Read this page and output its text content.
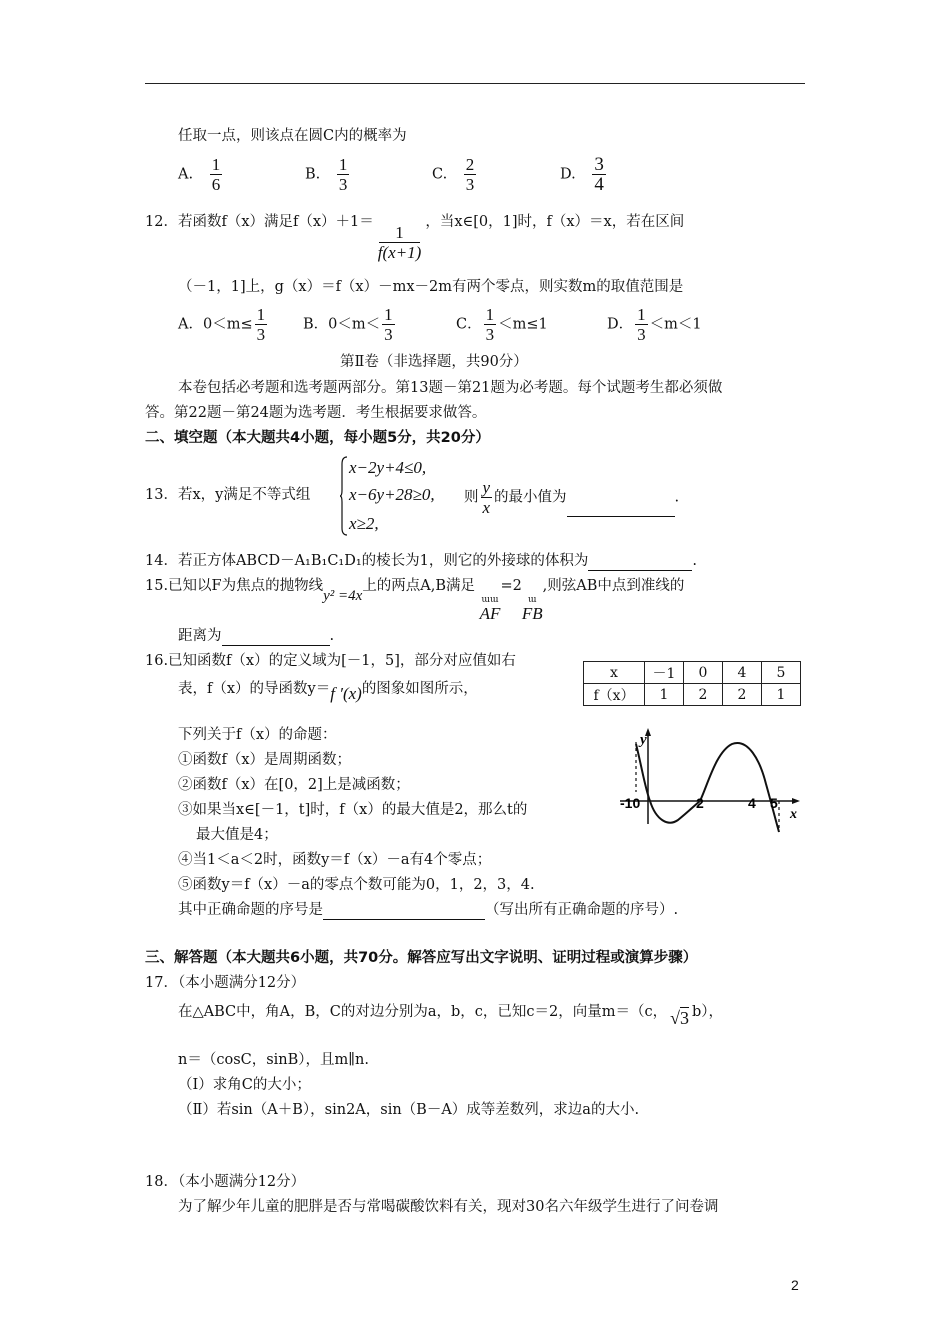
任取一点，则该点在圆C内的概率为
A. $\frac{1}{6}$	B. $\frac{1}{3}$	C. $\frac{2}{3}$	D. $\frac{3}{4}$
12．若函数f（x）满足f（x）＋1＝
$\frac{1}{f(x+1)}$
，当x∈[0，1]时，f（x）＝x，若在区间
（－1，1]上，g（x）＝f（x）－mx－2m有两个零点，则实数m的取值范围是
A．$0<m\le \frac{1}{3}$ B．$0<m< \frac{1}{3}$	C． $\frac{1}{3} <m\le 1$	D． $\frac{1}{3} <m<1$
第Ⅱ卷（非选择题，共90分）
本卷包括必考题和选考题两部分。第13题－第21题为必考题。每个试题考生都必须做
答。第22题－第24题为选考题．考生根据要求做答。
二、填空题（本大题共4小题，每小题5分，共20分）
13．若x，y满足不等式组
x−2y+4≤0,
x−6y+28≥0,
x≥2,
则 $\frac{y}{x}$ 的最小值为	.
14．若正方体ABCD－A₁B₁C₁D₁的棱长为1，则它的外接球的体积为	.
15.已知以F为焦点的抛物线y² =4x上的两点A,B满足
ɯɯ
AF
=2
ɯ
FB
,则弦AB中点到准线的
距离为	.
16.已知函数f（x）的定义域为[－1，5]，部分对应值如右
表，f（x）的导函数y＝f ′(x)的图象如图所示，
x	－1	0	4	5
f（x）	1	2	2	1
下列关于f（x）的命题：
①函数f（x）是周期函数；
②函数f（x）在[0，2]上是减函数；
③如果当x∈[－1，t]时，f（x）的最大值是2，那么t的
最大值是4；
④当1＜a＜2时，函数y＝f（x）－a有4个零点；
⑤函数y＝f（x）－a的零点个数可能为0，1，2，3，4.
其中正确命题的序号是	（写出所有正确命题的序号）.
y
x
-10	2	4 5
三、解答题（本大题共6小题，共70分。解答应写出文字说明、证明过程或演算步骤）
17．（本小题满分12分）
在△ABC中，角A，B，C的对边分别为a，b，c，已知c＝2，向量m＝（c， √3 b），
n＝（cosC，sinB），且m∥n.
（Ⅰ）求角C的大小；
（Ⅱ）若sin（A＋B），sin2A，sin（B－A）成等差数列，求边a的大小.
18．（本小题满分12分）
为了解少年儿童的肥胖是否与常喝碳酸饮料有关，现对30名六年级学生进行了问卷调
2
